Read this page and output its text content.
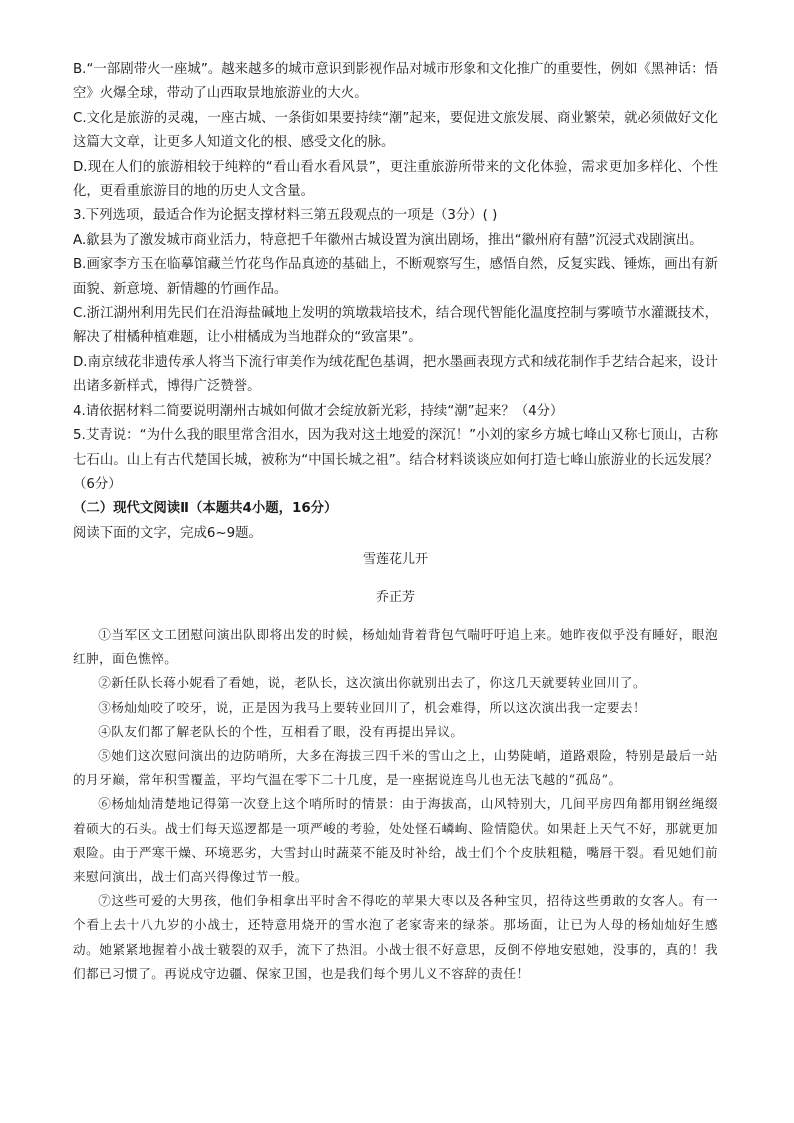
B.“一部剧带火一座城”。越来越多的城市意识到影视作品对城市形象和文化推广的重要性，例如《黑神话：悟空》火爆全球，带动了山西取景地旅游业的大火。

C.文化是旅游的灵魂，一座古城、一条街如果要持续“潮”起来，要促进文旅发展、商业繁荣，就必须做好文化这篇大文章，让更多人知道文化的根、感受文化的脉。

D.现在人们的旅游相较于纯粹的“看山看水看风景”，更注重旅游所带来的文化体验，需求更加多样化、个性化，更看重旅游目的地的历史人文含量。

3.下列选项，最适合作为论据支撑材料三第五段观点的一项是（3分）( )

A.歙县为了激发城市商业活力，特意把千年徽州古城设置为演出剧场，推出“徽州府有囍”沉浸式戏剧演出。

B.画家李方玉在临摹馆藏兰竹花鸟作品真迹的基础上，不断观察写生，感悟自然，反复实践、锤炼，画出有新面貌、新意境、新情趣的竹画作品。

C.浙江湖州利用先民们在沿海盐碱地上发明的筑墩栽培技术，结合现代智能化温度控制与雾喷节水灌溉技术，解决了柑橘种植难题，让小柑橘成为当地群众的“致富果”。

D.南京绒花非遗传承人将当下流行审美作为绒花配色基调，把水墨画表现方式和绒花制作手艺结合起来，设计出诸多新样式，博得广泛赞誉。

4.请依据材料二简要说明潮州古城如何做才会绽放新光彩，持续“潮”起来？（4分）

5.艾青说：“为什么我的眼里常含泪水，因为我对这土地爱的深沉！”小刘的家乡方城七峰山又称七顶山，古称七石山。山上有古代楚国长城，被称为“中国长城之祖”。结合材料谈谈应如何打造七峰山旅游业的长远发展？（6分）

（二）现代文阅读Ⅱ（本题共4小题，16分）

阅读下面的文字，完成6~9题。

雪莲花儿开

乔正芳

①当军区文工团慰问演出队即将出发的时候，杨灿灿背着背包气喘吁吁追上来。她昨夜似乎没有睡好，眼泡红肿，面色憔悴。

②新任队长蒋小妮看了看她，说，老队长，这次演出你就别出去了，你这几天就要转业回川了。

③杨灿灿咬了咬牙，说，正是因为我马上要转业回川了，机会难得，所以这次演出我一定要去！

④队友们都了解老队长的个性，互相看了眼，没有再提出异议。

⑤她们这次慰问演出的边防哨所，大多在海拔三四千米的雪山之上，山势陡峭，道路艰险，特别是最后一站的月牙巅，常年积雪覆盖，平均气温在零下二十几度，是一座据说连鸟儿也无法飞越的“孤岛”。

⑥杨灿灿清楚地记得第一次登上这个哨所时的情景：由于海拔高，山风特别大，几间平房四角都用钢丝绳缀着硕大的石头。战士们每天巡逻都是一项严峻的考验，处处怪石嶙峋、险情隐伏。如果赶上天气不好，那就更加艰险。由于严寒干燥、环境恶劣，大雪封山时蔬菜不能及时补给，战士们个个皮肤粗糙，嘴唇干裂。看见她们前来慰问演出，战士们高兴得像过节一般。

⑦这些可爱的大男孩，他们争相拿出平时舍不得吃的苹果大枣以及各种宝贝，招待这些勇敢的女客人。有一个看上去十八九岁的小战士，还特意用烧开的雪水泡了老家寄来的绿茶。那场面，让已为人母的杨灿灿好生感动。她紧紧地握着小战士皲裂的双手，流下了热泪。小战士很不好意思，反倒不停地安慰她，没事的，真的！我们都已习惯了。再说戍守边疆、保家卫国，也是我们每个男儿义不容辞的责任！
